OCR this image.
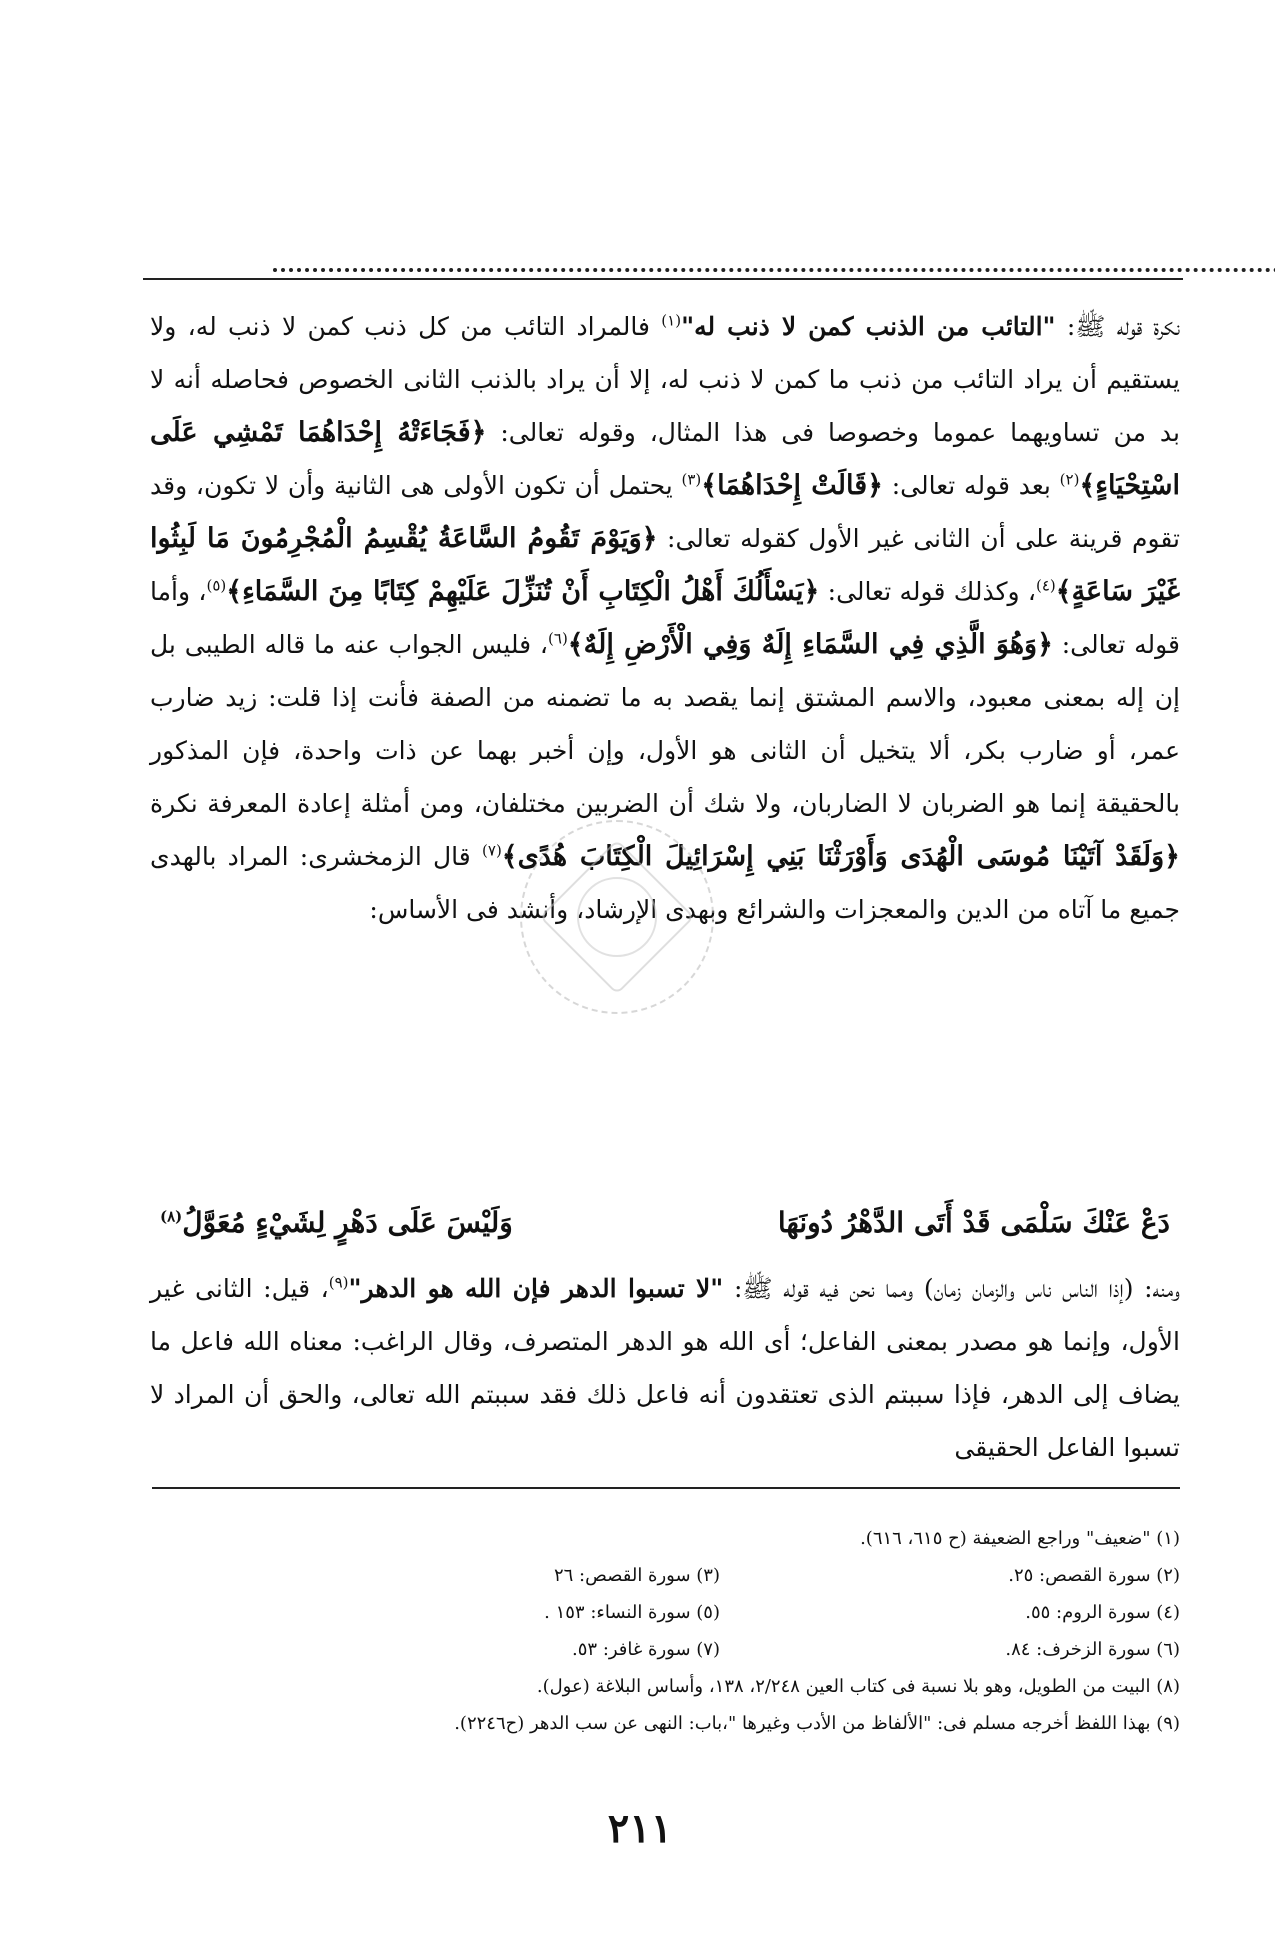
نكرة قوله ﷺ: "التائب من الذنب كمن لا ذنب له"$^{(١)}$ فالمراد التائب من كل ذنب كمن لا ذنب له، ولا يستقيم أن يراد التائب من ذنب ما كمن لا ذنب له، إلا أن يراد بالذنب الثانى الخصوص فحاصله أنه لا بد من تساويهما عموما وخصوصا فى هذا المثال، وقوله تعالى: ﴿فَجَاءَتْهُ إِحْدَاهُمَا تَمْشِي عَلَى اسْتِحْيَاءٍ﴾$^{(٢)}$ بعد قوله تعالى: ﴿قَالَتْ إِحْدَاهُمَا﴾$^{(٣)}$ يحتمل أن تكون الأولى هى الثانية وأن لا تكون، وقد تقوم قرينة على أن الثانى غير الأول كقوله تعالى: ﴿وَيَوْمَ تَقُومُ السَّاعَةُ يُقْسِمُ الْمُجْرِمُونَ مَا لَبِثُوا غَيْرَ سَاعَةٍ﴾$^{(٤)}$، وكذلك قوله تعالى: ﴿يَسْأَلُكَ أَهْلُ الْكِتَابِ أَنْ تُنَزِّلَ عَلَيْهِمْ كِتَابًا مِنَ السَّمَاءِ﴾$^{(٥)}$، وأما قوله تعالى: ﴿وَهُوَ الَّذِي فِي السَّمَاءِ إِلَهٌ وَفِي الْأَرْضِ إِلَهٌ﴾$^{(٦)}$، فليس الجواب عنه ما قاله الطيبى بل إن إله بمعنى معبود، والاسم المشتق إنما يقصد به ما تضمنه من الصفة فأنت إذا قلت: زيد ضارب عمر، أو ضارب بكر، ألا يتخيل أن الثانى هو الأول، وإن أخبر بهما عن ذات واحدة، فإن المذكور بالحقيقة إنما هو الضربان لا الضاربان، ولا شك أن الضربين مختلفان، ومن أمثلة إعادة المعرفة نكرة ﴿وَلَقَدْ آتَيْنَا مُوسَى الْهُدَى وَأَوْرَثْنَا بَنِي إِسْرَائِيلَ الْكِتَابَ هُدًى﴾$^{(٧)}$ قال الزمخشرى: المراد بالهدى جميع ما آتاه من الدين والمعجزات والشرائع وبهدى الإرشاد، وأنشد فى الأساس:

دَعْ عَنْكَ سَلْمَى قَدْ أَتَى الدَّهْرُ دُونَهَا
وَلَيْسَ عَلَى دَهْرٍ لِشَيْءٍ مُعَوَّلُ$^{(٨)}$

ومنه: (إذا الناس ناس والزمان زمان) ومما نحن فيه قوله ﷺ: "لا تسبوا الدهر فإن الله هو الدهر"$^{(٩)}$، قيل: الثانى غير الأول، وإنما هو مصدر بمعنى الفاعل؛ أى الله هو الدهر المتصرف، وقال الراغب: معناه الله فاعل ما يضاف إلى الدهر، فإذا سببتم الذى تعتقدون أنه فاعل ذلك فقد سببتم الله تعالى، والحق أن المراد لا تسبوا الفاعل الحقيقى

(١) "ضعيف" وراجع الضعيفة (ح ٦١٥، ٦١٦).
(٢) سورة القصص: ٢٥.
(٣) سورة القصص: ٢٦
(٤) سورة الروم: ٥٥.
(٥) سورة النساء: ١٥٣ .
(٦) سورة الزخرف: ٨٤.
(٧) سورة غافر: ٥٣.
(٨) البيت من الطويل، وهو بلا نسبة فى كتاب العين ٢/٢٤٨، ١٣٨، وأساس البلاغة (عول).
(٩) بهذا اللفظ أخرجه مسلم فى: "الألفاظ من الأدب وغيرها "،باب: النهى عن سب الدهر (ح٢٢٤٦).
٢١١
